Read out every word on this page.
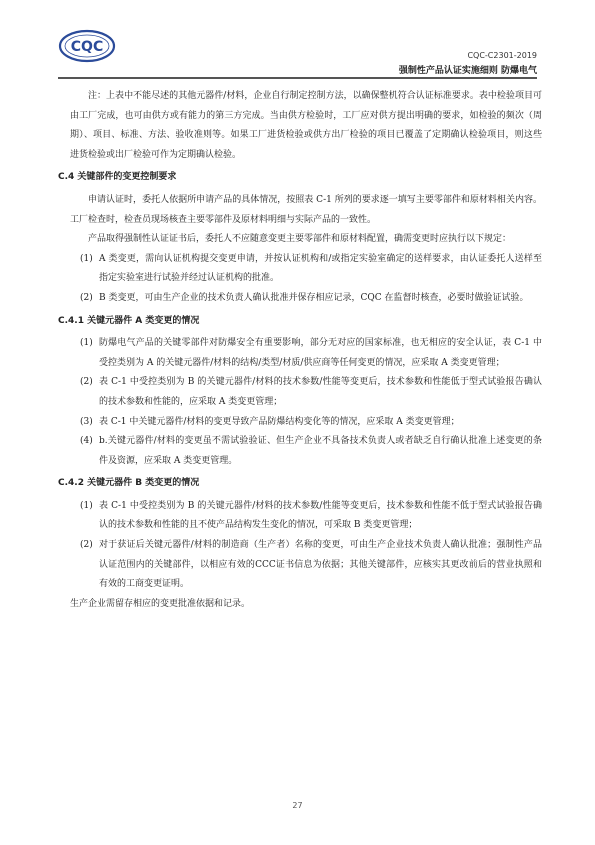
CQC
CQC-C2301-2019
强制性产品认证实施细则 防爆电气

注：上表中不能尽述的其他元器件/材料，企业自行制定控制方法，以确保整机符合认证标准要求。表中检验项目可由工厂完成，也可由供方或有能力的第三方完成。当由供方检验时，工厂应对供方提出明确的要求，如检验的频次（周期）、项目、标准、方法、验收准则等。如果工厂进货检验或供方出厂检验的项目已覆盖了定期确认检验项目，则这些进货检验或出厂检验可作为定期确认检验。

C.4 关键部件的变更控制要求

申请认证时，委托人依据所申请产品的具体情况，按照表 C-1 所列的要求逐一填写主要零部件和原材料相关内容。工厂检查时，检查员现场核查主要零部件及原材料明细与实际产品的一致性。

产品取得强制性认证证书后，委托人不应随意变更主要零部件和原材料配置，确需变更时应执行以下规定：

(1) A 类变更，需向认证机构提交变更申请，并按认证机构和/或指定实验室确定的送样要求，由认证委托人送样至指定实验室进行试验并经过认证机构的批准。
(2) B 类变更，可由生产企业的技术负责人确认批准并保存相应记录，CQC 在监督时核查，必要时做验证试验。

C.4.1 关键元器件 A 类变更的情况

(1) 防爆电气产品的关键零部件对防爆安全有重要影响，部分无对应的国家标准，也无相应的安全认证，表 C-1 中受控类别为 A 的关键元器件/材料的结构/类型/材质/供应商等任何变更的情况，应采取 A 类变更管理；
(2) 表 C-1 中受控类别为 B 的关键元器件/材料的技术参数/性能等变更后，技术参数和性能低于型式试验报告确认的技术参数和性能的，应采取 A 类变更管理；
(3) 表 C-1 中关键元器件/材料的变更导致产品防爆结构变化等的情况，应采取 A 类变更管理；
(4) b.关键元器件/材料的变更虽不需试验验证、但生产企业不具备技术负责人或者缺乏自行确认批准上述变更的条件及资源，应采取 A 类变更管理。

C.4.2 关键元器件 B 类变更的情况

(1) 表 C-1 中受控类别为 B 的关键元器件/材料的技术参数/性能等变更后，技术参数和性能不低于型式试验报告确认的技术参数和性能的且不使产品结构发生变化的情况，可采取 B 类变更管理；
(2) 对于获证后关键元器件/材料的制造商（生产者）名称的变更，可由生产企业技术负责人确认批准；强制性产品认证范围内的关键部件，以相应有效的CCC证书信息为依据；其他关键部件，应核实其更改前后的营业执照和有效的工商变更证明。

生产企业需留存相应的变更批准依据和记录。

27
